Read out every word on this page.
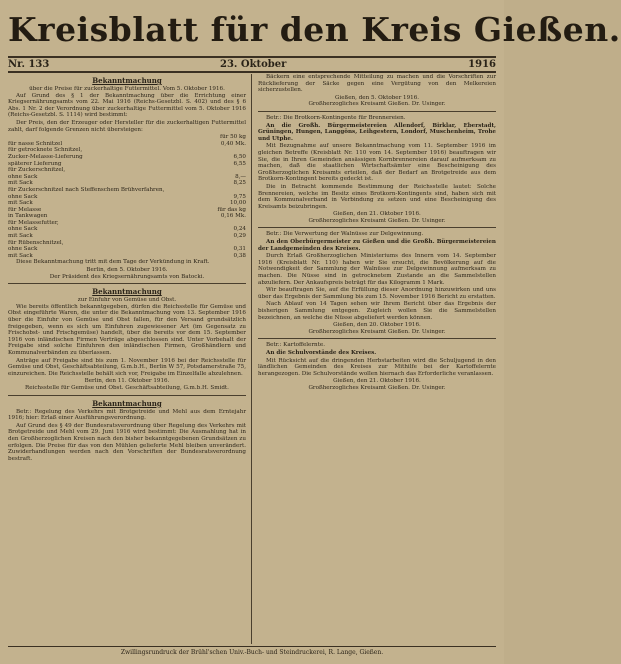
Kreisblatt für den Kreis Gießen.
Nr. 133	23. Oktober	1916
Bekanntmachung
über die Preise für zuckerhaltige Futtermittel. Vom 5. Oktober 1916.
Auf Grund des § 1 der Bekanntmachung über die Errichtung einer Kriegsernährungsamts vom 22. Mai 1916 (Reichs-Gesetzbl. S. 402) und des § 6 Abs. 1 Nr. 2 der Verordnung über zuckerhaltige Futtermittel vom 5. Oktober 1916 (Reichs-Gesetzbl. S. 1114) wird bestimmt:
Der Preis, den der Erzeuger oder Hersteller für die zuckerhaltigen Futtermittel zahlt, darf folgende Grenzen nicht übersteigen:
für 50 kg
für nasse Schnitzel	0,40 Mk.
für getrocknete Schnitzel,
Zucker-Melasse-Lieferung	6,50
späterer Lieferung	6,55
für Zuckerschnitzel,
ohne Sack	8,—
mit Sack	8,25
für Zuckerschnitzel nach Steffenschem Brühverfahren,
ohne Sack	9,75
mit Sack	10,00
für Melasse	für das kg
in Tankwagen	0,16 Mk.
für Melassefutter,
ohne Sack	0,24
mit Sack	0,29
für Rübenschnitzel,
ohne Sack	0,31
mit Sack	0,38
Diese Bekanntmachung tritt mit dem Tage der Verkündung in Kraft.
Berlin, den 5. Oktober 1916.
Der Präsident des Kriegsernährungsamts von Batocki.
Bekanntmachung
zur Einfuhr von Gemüse und Obst.
Wie bereits öffentlich bekanntgegeben, dürfen die Reichsstelle für Gemüse und Obst eingeführte Waren, die unter die Bekanntmachung vom 13. September 1916 über die Einfuhr von Gemüse und Obst fallen, für den Versand grundsätzlich freigegeben, wenn es sich um Einfuhren zugewiesener Art (im Gegensatz zu Frischobst- und Frischgemüse) handelt, über die bereits vor dem 15. September 1916 von inländischen Firmen Verträge abgeschlossen sind. Unter Vorbehalt der Freigabe sind solche Einfuhren den inländischen Firmen, Großhändlern und Kommunalverbänden zu überlassen.
Anträge auf Freigabe sind bis zum 1. November 1916 bei der Reichsstelle für Gemüse und Obst, Geschäftsabteilung, G.m.b.H., Berlin W 57, Potsdamerstraße 75, einzureichen. Die Reichsstelle behält sich vor, Freigabe im Einzelfalle abzulehnen.
Berlin, den 11. Oktober 1916.
Reichsstelle für Gemüse und Obst. Geschäftsabteilung, G.m.b.H. Smidt.
Bekanntmachung
Betr.: Regelung des Verkehrs mit Brotgetreide und Mehl aus dem Erntejahr 1916; hier: Erlaß einer Ausführungsverordnung.
Auf Grund des § 49 der Bundesratsverordnung über Regelung des Verkehrs mit Brotgetreide und Mehl vom 29. Juni 1916 wird bestimmt: Die Ausmahlung hat in den Großherzoglichen Kreisen nach den bisher bekanntgegebenen Grundsätzen zu erfolgen. Die Preise für das von den Mühlen gelieferte Mehl bleiben unverändert. Zuwiderhandlungen werden nach den Vorschriften der Bundesratsverordnung bestraft.
Bäckern eine entsprechende Mitteilung zu machen und die Vorschriften zur Rücklieferung der Säcke gegen eine Vergütung von den Melkereien sicherzustellen.
Gießen, den 5. Oktober 1916.
Großherzogliches Kreisamt Gießen. Dr. Usinger.
Betr.: Die Brotkorn-Kontingente für Brennereien.
An die Großh. Bürgermeistereien Allendorf, Birklar, Eberstadt, Grüningen, Hungen, Langgöns, Leihgestern, Londorf, Muschenheim, Trohe und Utphe.
Mit Bezugnahme auf unsere Bekanntmachung vom 11. September 1916 im gleichen Betreffe (Kreisblatt Nr. 110 vom 14. September 1916) beauftragen wir Sie, die in Ihren Gemeinden ansässigen Kornbrennereien darauf aufmerksam zu machen, daß die staatlichen Wirtschaftsämter eine Bescheinigung des Großherzoglichen Kreisamts erteilen, daß der Bedarf an Brotgetreide aus dem Brotkorn-Kontingent bereits gedeckt ist.
Die in Betracht kommende Bestimmung der Reichsstelle lautet: Solche Brennereien, welche im Besitz eines Brotkorn-Kontingents sind, haben sich mit dem Kommunalverband in Verbindung zu setzen und eine Bescheinigung des Kreisamts beizubringen.
Gießen, den 21. Oktober 1916.
Großherzogliches Kreisamt Gießen. Dr. Usinger.
Betr.: Die Verwertung der Walnüsse zur Delgewinnung.
An den Oberbürgermeister zu Gießen und die Großh. Bürgermeistereien der Landgemeinden des Kreises.
Durch Erlaß Großherzoglichen Ministeriums des Innern vom 14. September 1916 (Kreisblatt Nr. 110) haben wir Sie ersucht, die Bevölkerung auf die Notwendigkeit der Sammlung der Walnüsse zur Delgewinnung aufmerksam zu machen. Die Nüsse sind in getrocknetem Zustande an die Sammelstellen abzuliefern. Der Ankaufspreis beträgt für das Kilogramm 1 Mark.
Wir beauftragen Sie, auf die Erfüllung dieser Anordnung hinzuwirken und uns über das Ergebnis der Sammlung bis zum 15. November 1916 Bericht zu erstatten.
Nach Ablauf von 14 Tagen sehen wir Ihrem Bericht über das Ergebnis der bisherigen Sammlung entgegen. Zugleich wollen Sie die Sammelstellen bezeichnen, an welche die Nüsse abgeliefert werden können.
Gießen, den 20. Oktober 1916.
Großherzogliches Kreisamt Gießen. Dr. Usinger.
Betr.: Kartoffelernte.
An die Schulvorstände des Kreises.
Mit Rücksicht auf die dringenden Herbstarbeiten wird die Schuljugend in den ländlichen Gemeinden des Kreises zur Mithilfe bei der Kartoffelernte herangezogen. Die Schulvorstände wollen hiernach das Erforderliche veranlassen.
Gießen, den 21. Oktober 1916.
Großherzogliches Kreisamt Gießen. Dr. Usinger.
Zwillingsrundruck der Brühl'schen Univ.-Buch- und Steindruckerei, R. Lange, Gießen.
